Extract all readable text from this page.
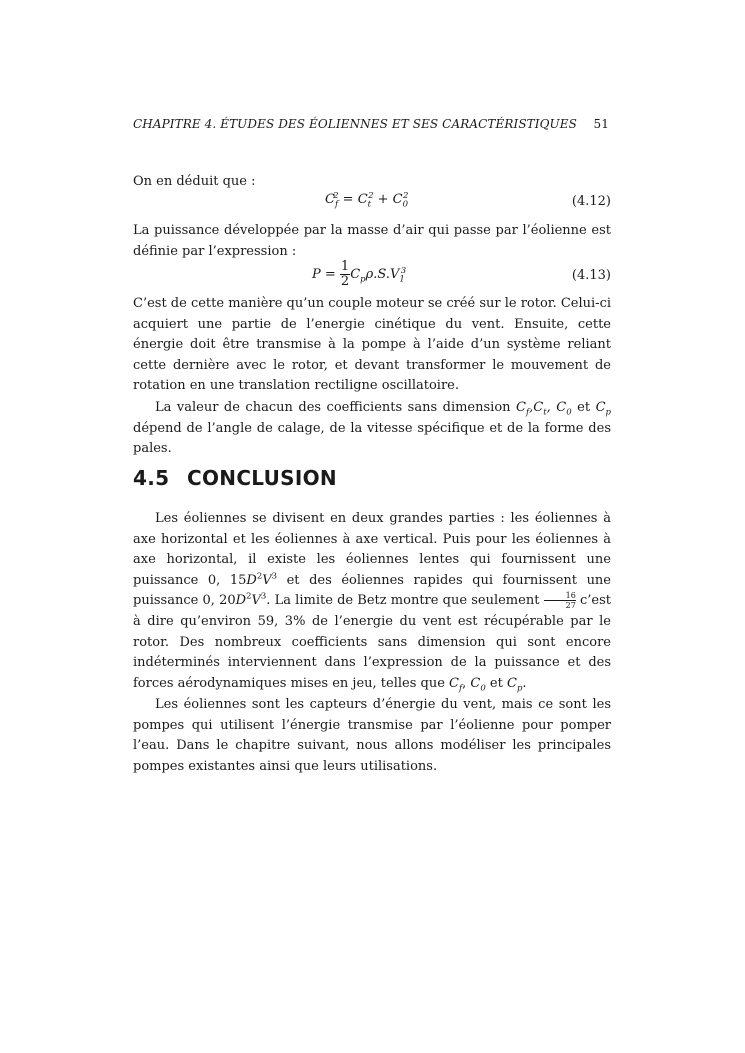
CHAPITRE 4. ÉTUDES DES ÉOLIENNES ET SES CARACTÉRISTIQUES 51

On en déduit que :

$C_f^2 = C_t^2 + C_0^2$	(4.12)

La puissance développée par la masse d’air qui passe par l’éolienne est définie par l’expression :

$P = \frac{1}{2} C_p\rho.S.V_1^3$	(4.13)

C’est de cette manière qu’un couple moteur se créé sur le rotor. Celui-ci acquiert une partie de l’energie cinétique du vent. Ensuite, cette énergie doit être transmise à la pompe à l’aide d’un système reliant cette dernière avec le rotor, et devant transformer le mouvement de rotation en une translation rectiligne oscillatoire.

La valeur de chacun des coefficients sans dimension $C_f,C_t$, $C_0$ et $C_p$ dépend de l’angle de calage, de la vitesse spécifique et de la forme des pales.

4.5 CONCLUSION

Les éoliennes se divisent en deux grandes parties : les éoliennes à axe horizontal et les éoliennes à axe vertical. Puis pour les éoliennes à axe horizontal, il existe les éoliennes lentes qui fournissent une puissance 0, $15D^2V^3$ et des éoliennes rapides qui fournissent une puissance 0, $20D^2V^3$. La limite de Betz montre que seulement $\frac{16}{27}$ c’est à dire qu’environ 59, 3% de l’energie du vent est récupérable par le rotor. Des nombreux coefficients sans dimension qui sont encore indéterminés interviennent dans l’expression de la puissance et des forces aérodynamiques mises en jeu, telles que $C_f$, $C_0$ et $C_p$.

Les éoliennes sont les capteurs d’énergie du vent, mais ce sont les pompes qui utilisent l’énergie transmise par l’éolienne pour pomper l’eau. Dans le chapitre suivant, nous allons modéliser les principales pompes existantes ainsi que leurs utilisations.
